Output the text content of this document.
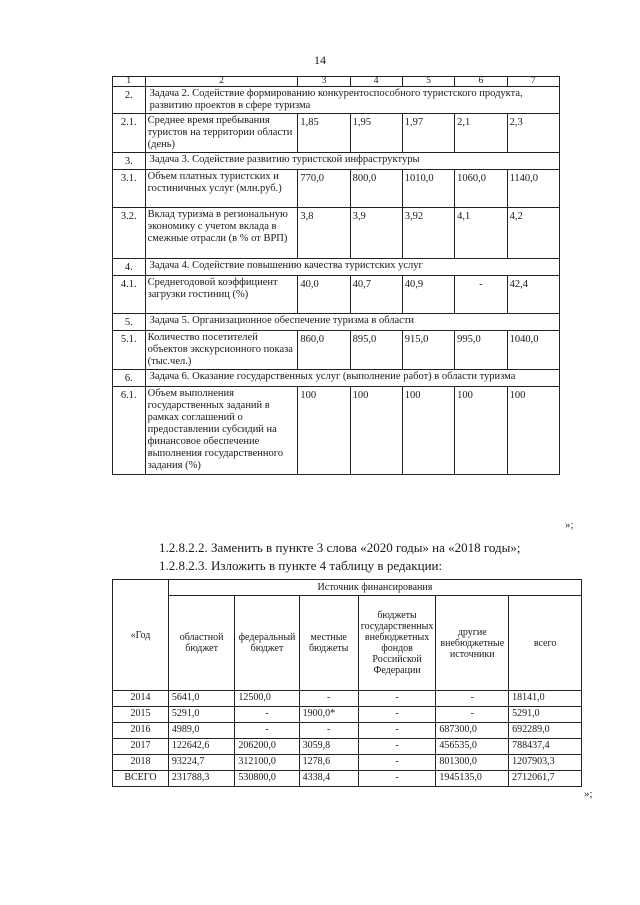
14
1	2	3	4	5	6	7
2.	Задача 2. Содействие формированию конкурентоспособного туристского продукта, развитию проектов в сфере туризма					
2.1.	Среднее время пребывания туристов на территории области (день)	1,85	1,95	1,97	2,1	2,3
3.	Задача 3. Содействие развитию туристской инфраструктуры					
3.1.	Объем платных туристских и гостиничных услуг (млн.руб.)	770,0	800,0	1010,0	1060,0	1140,0
3.2.	Вклад туризма в региональную экономику с учетом вклада в смежные отрасли (в % от ВРП)	3,8	3,9	3,92	4,1	4,2
4.	Задача 4. Содействие повышению качества туристских услуг					
4.1.	Среднегодовой коэффициент загрузки гостиниц (%)	40,0	40,7	40,9	-	42,4
5.	Задача 5. Организационное обеспечение туризма в области					
5.1.	Количество посетителей объектов экскурсионного показа (тыс.чел.)	860,0	895,0	915,0	995,0	1040,0
6.	Задача 6. Оказание государственных услуг (выполнение работ) в области туризма					
6.1.	Объем выполнения государственных заданий в рамках соглашений о предоставлении субсидий на финансовое обеспечение выполнения государственного задания (%)	100	100	100	100	100
»;
1.2.8.2.2. Заменить в пункте 3 слова «2020 годы» на «2018 годы»;
1.2.8.2.3. Изложить в пункте 4 таблицу в редакции:
«Год	Источник финансирования					
	областной бюджет	федеральный бюджет	местные бюджеты	бюджеты государственных внебюджетных фондов Российской Федерации	другие внебюджетные источники	всего
2014	5641,0	12500,0	-	-	-	18141,0
2015	5291,0	-	1900,0*	-	-	5291,0
2016	4989,0	-	-	-	687300,0	692289,0
2017	122642,6	206200,0	3059,8	-	456535,0	788437,4
2018	93224,7	312100,0	1278,6	-	801300,0	1207903,3
ВСЕГО	231788,3	530800,0	4338,4	-	1945135,0	2712061,7
»;
